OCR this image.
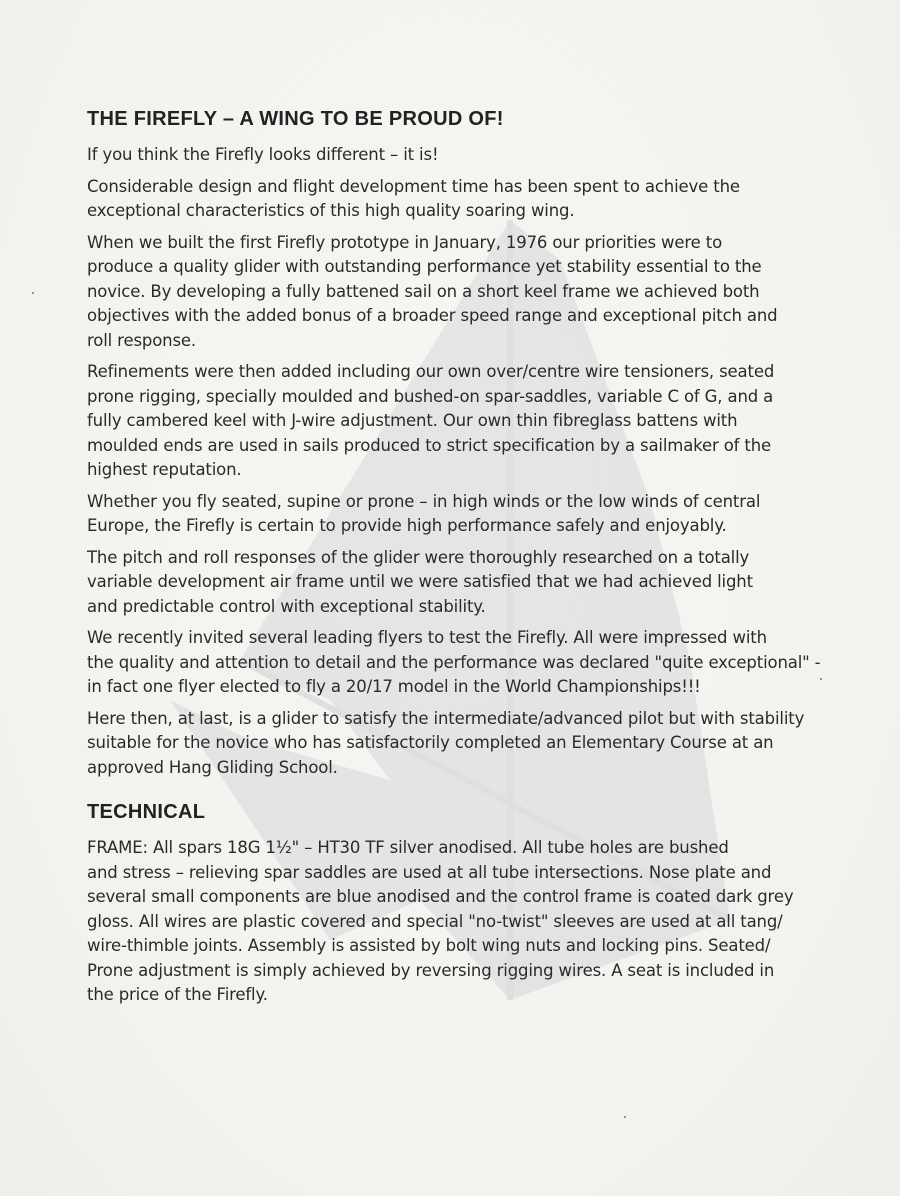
THE FIREFLY – A WING TO BE PROUD OF!

If you think the Firefly looks different – it is!

Considerable design and flight development time has been spent to achieve the
exceptional characteristics of this high quality soaring wing.

When we built the first Firefly prototype in January, 1976 our priorities were to
produce a quality glider with outstanding performance yet stability essential to the
novice. By developing a fully battened sail on a short keel frame we achieved both
objectives with the added bonus of a broader speed range and exceptional pitch and
roll response.

Refinements were then added including our own over/centre wire tensioners, seated
prone rigging, specially moulded and bushed-on spar-saddles, variable C of G, and a
fully cambered keel with J-wire adjustment. Our own thin fibreglass battens with
moulded ends are used in sails produced to strict specification by a sailmaker of the
highest reputation.

Whether you fly seated, supine or prone – in high winds or the low winds of central
Europe, the Firefly is certain to provide high performance safely and enjoyably.

The pitch and roll responses of the glider were thoroughly researched on a totally
variable development air frame until we were satisfied that we had achieved light
and predictable control with exceptional stability.

We recently invited several leading flyers to test the Firefly. All were impressed with
the quality and attention to detail and the performance was declared "quite exceptional" -
in fact one flyer elected to fly a 20/17 model in the World Championships!!!

Here then, at last, is a glider to satisfy the intermediate/advanced pilot but with stability
suitable for the novice who has satisfactorily completed an Elementary Course at an
approved Hang Gliding School.

TECHNICAL

FRAME: All spars 18G 1½" – HT30 TF silver anodised. All tube holes are bushed
and stress – relieving spar saddles are used at all tube intersections. Nose plate and
several small components are blue anodised and the control frame is coated dark grey
gloss. All wires are plastic covered and special "no-twist" sleeves are used at all tang/
wire-thimble joints. Assembly is assisted by bolt wing nuts and locking pins. Seated/
Prone adjustment is simply achieved by reversing rigging wires. A seat is included in
the price of the Firefly.
